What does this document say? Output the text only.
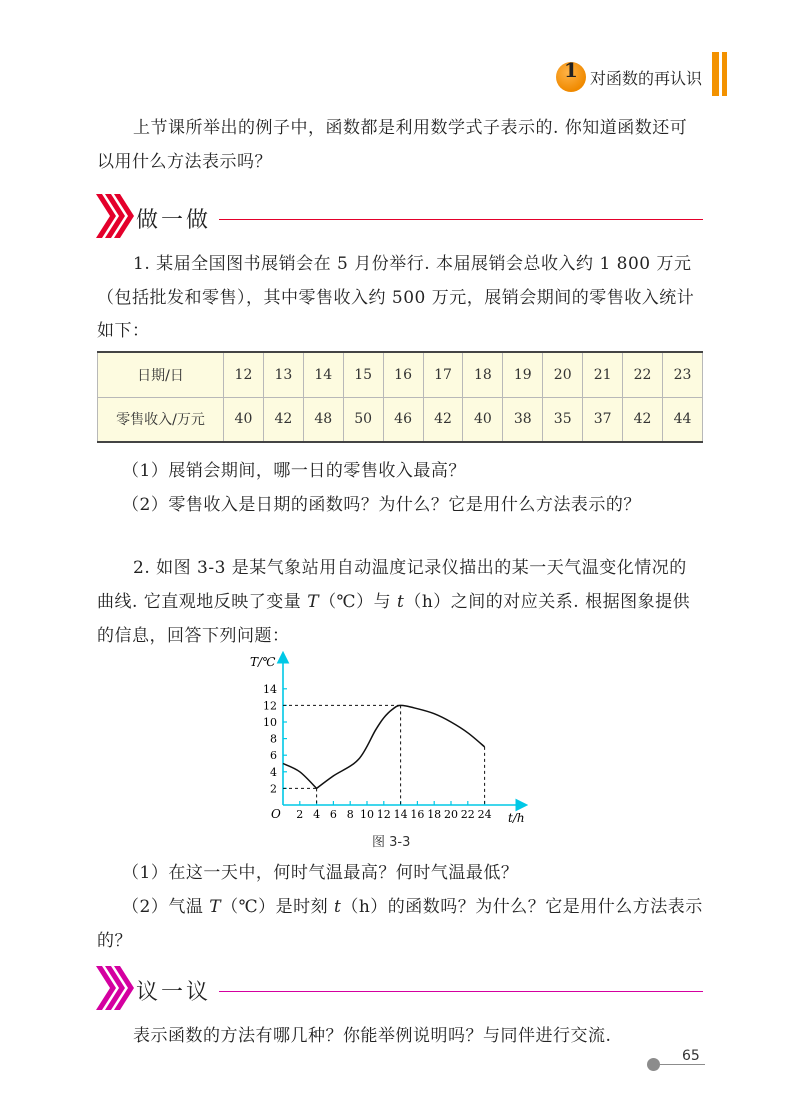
1 对函数的再认识
上节课所举出的例子中，函数都是利用数学式子表示的. 你知道函数还可
以用什么方法表示吗？
做一做
1. 某届全国图书展销会在 5 月份举行. 本届展销会总收入约 1 800 万元
（包括批发和零售），其中零售收入约 500 万元，展销会期间的零售收入统计
如下：
日期/日	12	13	14	15	16	17	18	19	20	21	22	23
零售收入/万元	40	42	48	50	46	42	40	38	35	37	42	44
（1）展销会期间，哪一日的零售收入最高？
（2）零售收入是日期的函数吗？为什么？它是用什么方法表示的？
2. 如图 3-3 是某气象站用自动温度记录仪描出的某一天气温变化情况的
曲线. 它直观地反映了变量 T（℃）与 t（h）之间的对应关系. 根据图象提供
的信息，回答下列问题：
2 4 6 8 10 12 14 16 18 20 22 24
2
4
6
8
10
12
14
T/℃
t/h
O
图 3-3
（1）在这一天中，何时气温最高？何时气温最低？
（2）气温 T（℃）是时刻 t（h）的函数吗？为什么？它是用什么方法表示
的？
议一议
表示函数的方法有哪几种？你能举例说明吗？与同伴进行交流.
65
